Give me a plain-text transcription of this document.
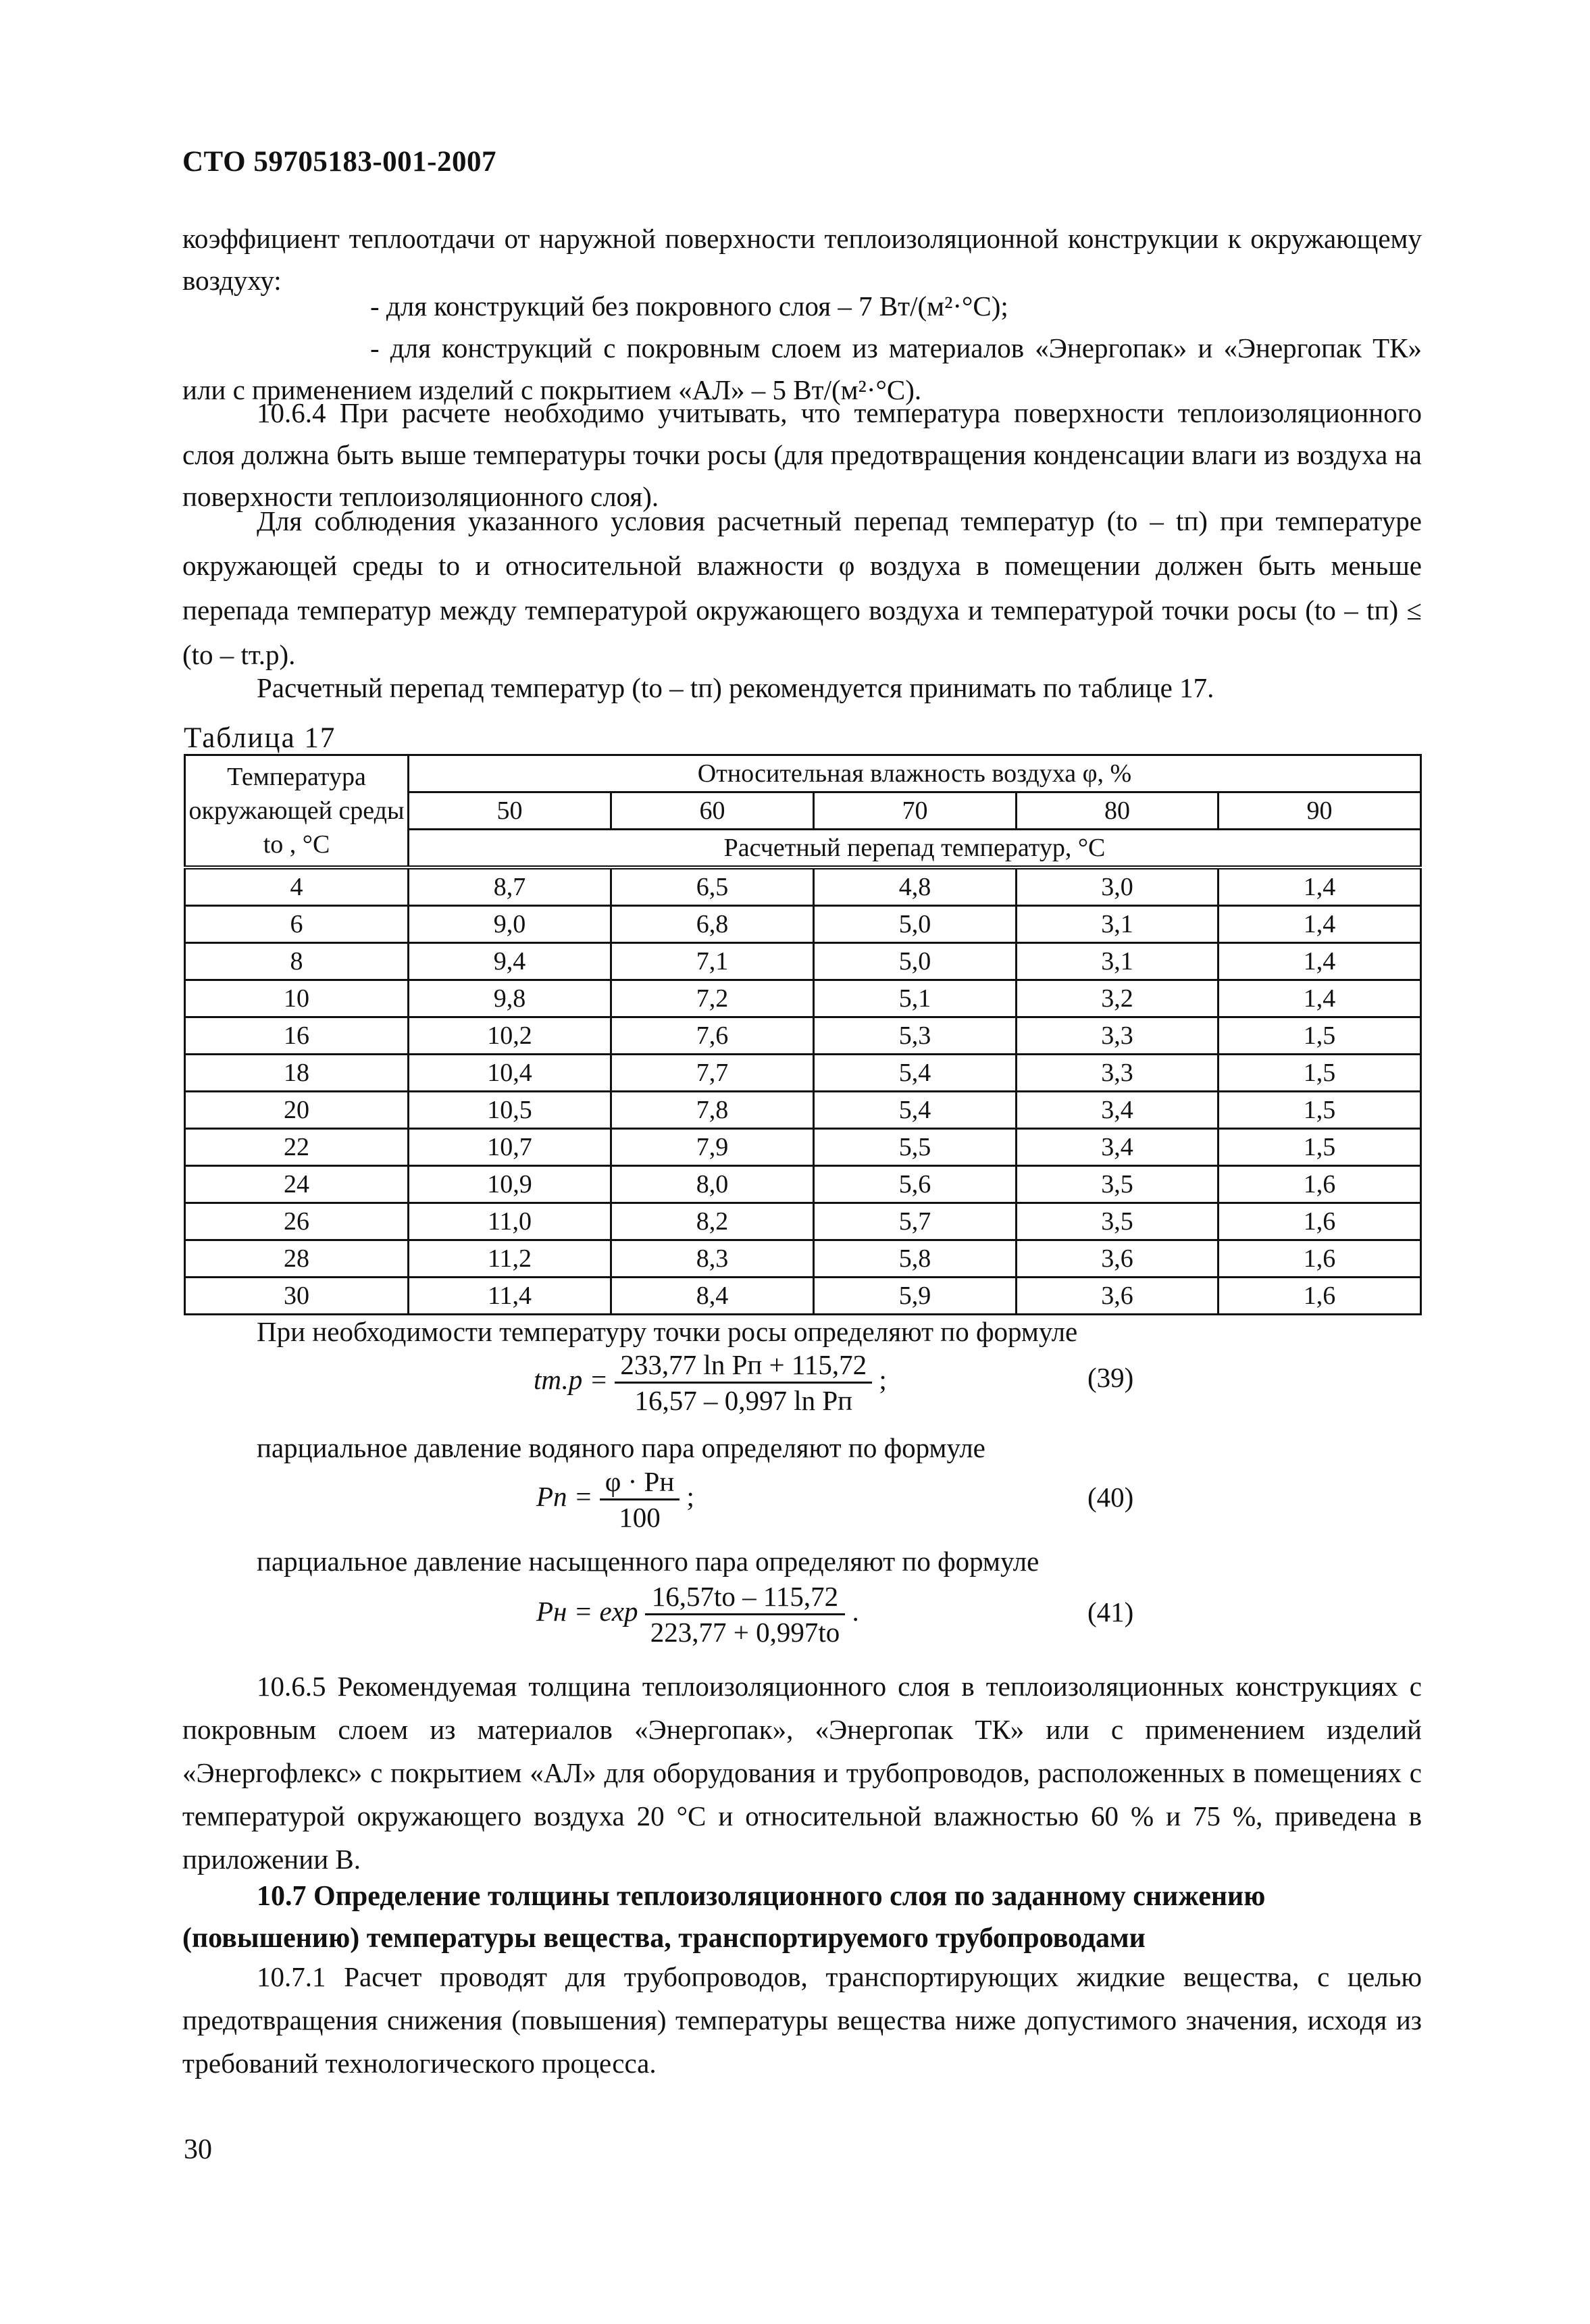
СТО 59705183-001-2007
коэффициент теплоотдачи от наружной поверхности теплоизоляционной конструкции к окружающему воздуху:
- для конструкций без покровного слоя – 7 Вт/(м²·°С);
- для конструкций с покровным слоем из материалов «Энергопак» и «Энергопак ТК» или с применением изделий с покрытием «АЛ» – 5 Вт/(м²·°С).
10.6.4 При расчете необходимо учитывать, что температура поверхности теплоизоляционного слоя должна быть выше температуры точки росы (для предотвращения конденсации влаги из воздуха на поверхности теплоизоляционного слоя).
Для соблюдения указанного условия расчетный перепад температур (tо – tп) при температуре окружающей среды tо и относительной влажности φ воздуха в помещении должен быть меньше перепада температур между температурой окружающего воздуха и температурой точки росы (tо – tп) ≤ (tо – tт.р).
Расчетный перепад температур (tо – tп) рекомендуется принимать по таблице 17.
Таблица 17
Температура окружающей среды tо , °С	Относительная влажность воздуха φ, %				
	50	60	70	80	90
	Расчетный перепад температур, °С				
4	8,7	6,5	4,8	3,0	1,4
6	9,0	6,8	5,0	3,1	1,4
8	9,4	7,1	5,0	3,1	1,4
10	9,8	7,2	5,1	3,2	1,4
16	10,2	7,6	5,3	3,3	1,5
18	10,4	7,7	5,4	3,3	1,5
20	10,5	7,8	5,4	3,4	1,5
22	10,7	7,9	5,5	3,4	1,5
24	10,9	8,0	5,6	3,5	1,6
26	11,0	8,2	5,7	3,5	1,6
28	11,2	8,3	5,8	3,6	1,6
30	11,4	8,4	5,9	3,6	1,6
При необходимости температуру точки росы определяют по формуле
$tт.р = \frac{\text{233,77 ln Pп + 115,72}}{\text{16,57 – 0,997 ln Pп}}$ ;	(39)
парциальное давление водяного пара определяют по формуле
Pп = $\frac{\varphi \cdot Pн}{100}$ ;	(40)
парциальное давление насыщенного пара определяют по формуле
Pн = $\exp \frac{16,57tо - 115,72}{223,77 + 0,997tо}$ .	(41)
10.6.5 Рекомендуемая толщина теплоизоляционного слоя в теплоизоляционных конструкциях с покровным слоем из материалов «Энергопак», «Энергопак ТК» или с применением изделий «Энергофлекс» с покрытием «АЛ» для оборудования и трубопроводов, расположенных в помещениях с температурой окружающего воздуха 20 °С и относительной влажностью 60 % и 75 %, приведена в приложении В.
10.7 Определение толщины теплоизоляционного слоя по заданному снижению (повышению) температуры вещества, транспортируемого трубопроводами
10.7.1 Расчет проводят для трубопроводов, транспортирующих жидкие вещества, с целью предотвращения снижения (повышения) температуры вещества ниже допустимого значения, исходя из требований технологического процесса.
30
